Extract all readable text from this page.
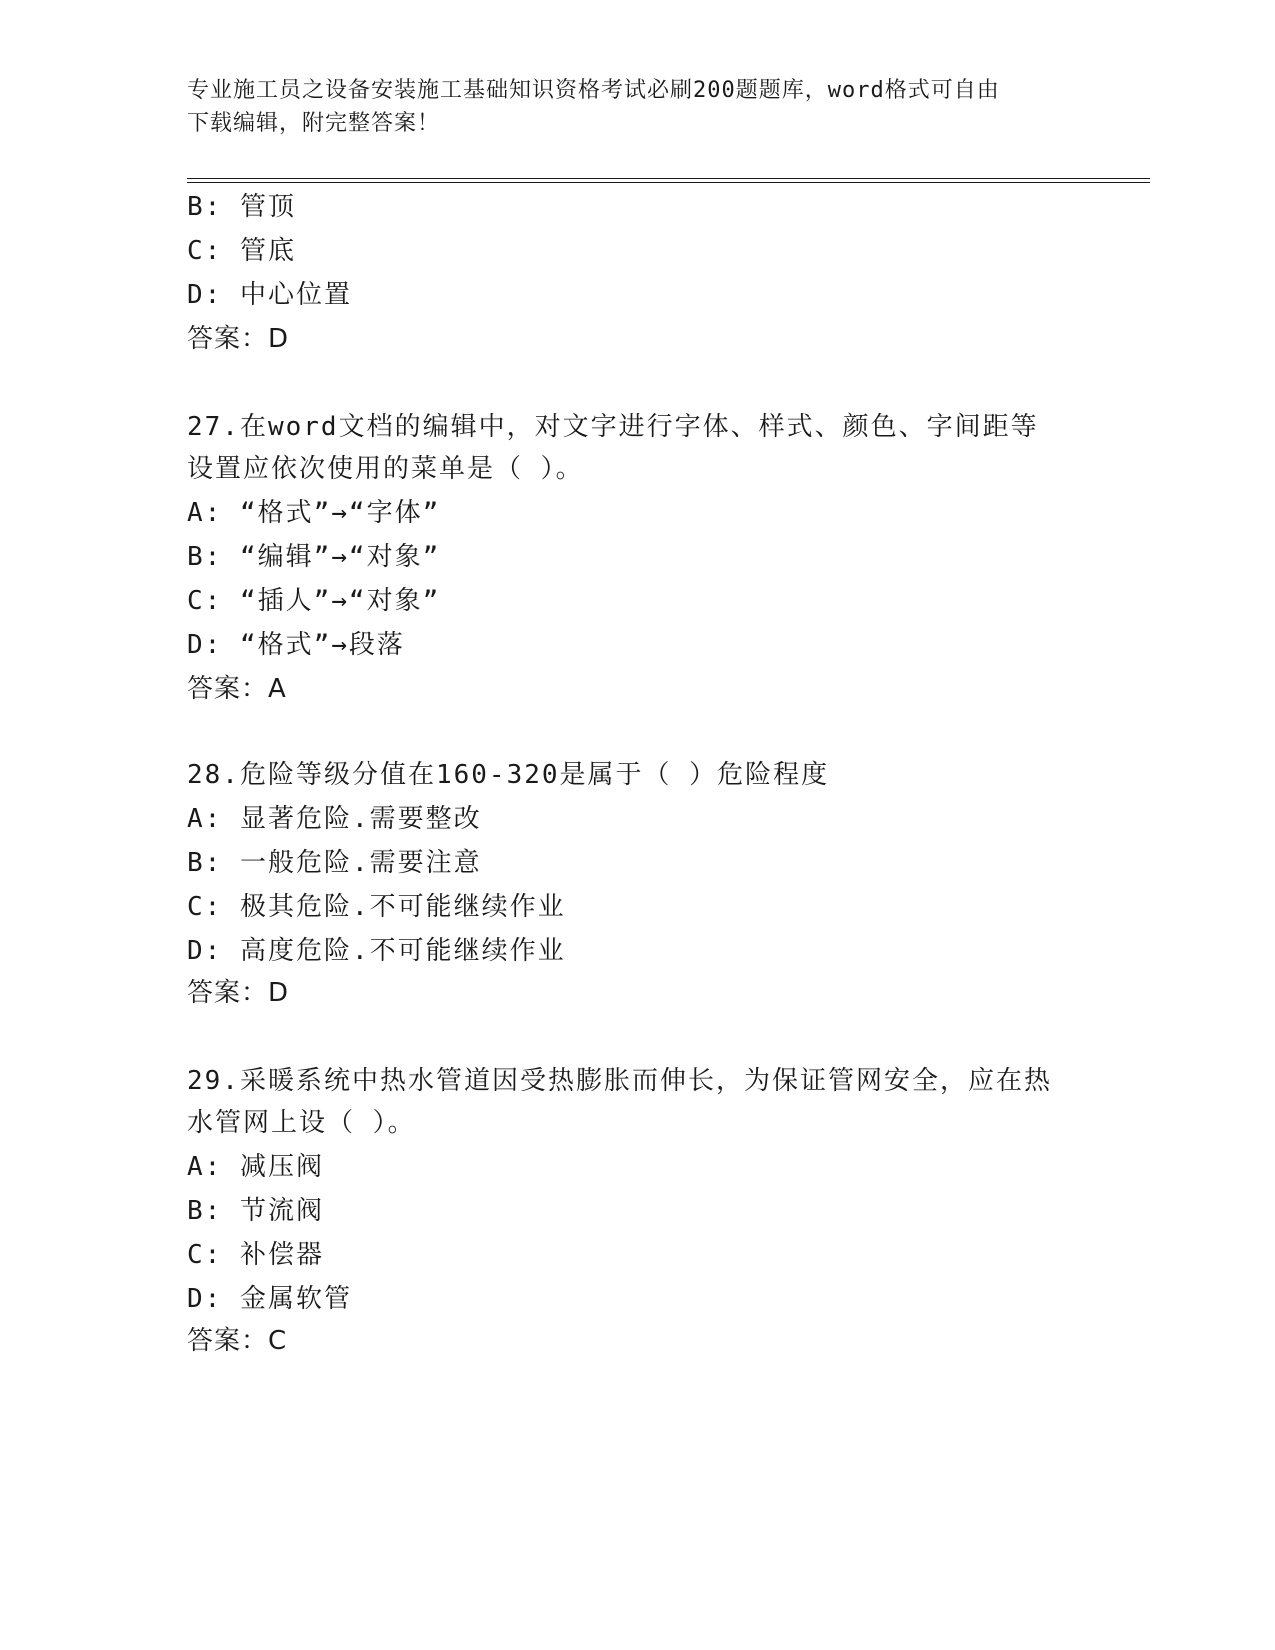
专业施工员之设备安装施工基础知识资格考试必刷200题题库，word格式可自由
下载编辑，附完整答案！
B: 管顶
C: 管底
D: 中心位置
答案：D
27.在word文档的编辑中，对文字进行字体、样式、颜色、字间距等
设置应依次使用的菜单是（ ）。
A: “格式”→“字体”
B: “编辑”→“对象”
C: “插人”→“对象”
D: “格式”→段落
答案：A
28.危险等级分值在160-320是属于（ ）危险程度
A: 显著危险.需要整改
B: 一般危险.需要注意
C: 极其危险.不可能继续作业
D: 高度危险.不可能继续作业
答案：D
29.采暖系统中热水管道因受热膨胀而伸长，为保证管网安全，应在热
水管网上设（ ）。
A: 减压阀
B: 节流阀
C: 补偿器
D: 金属软管
答案：C
